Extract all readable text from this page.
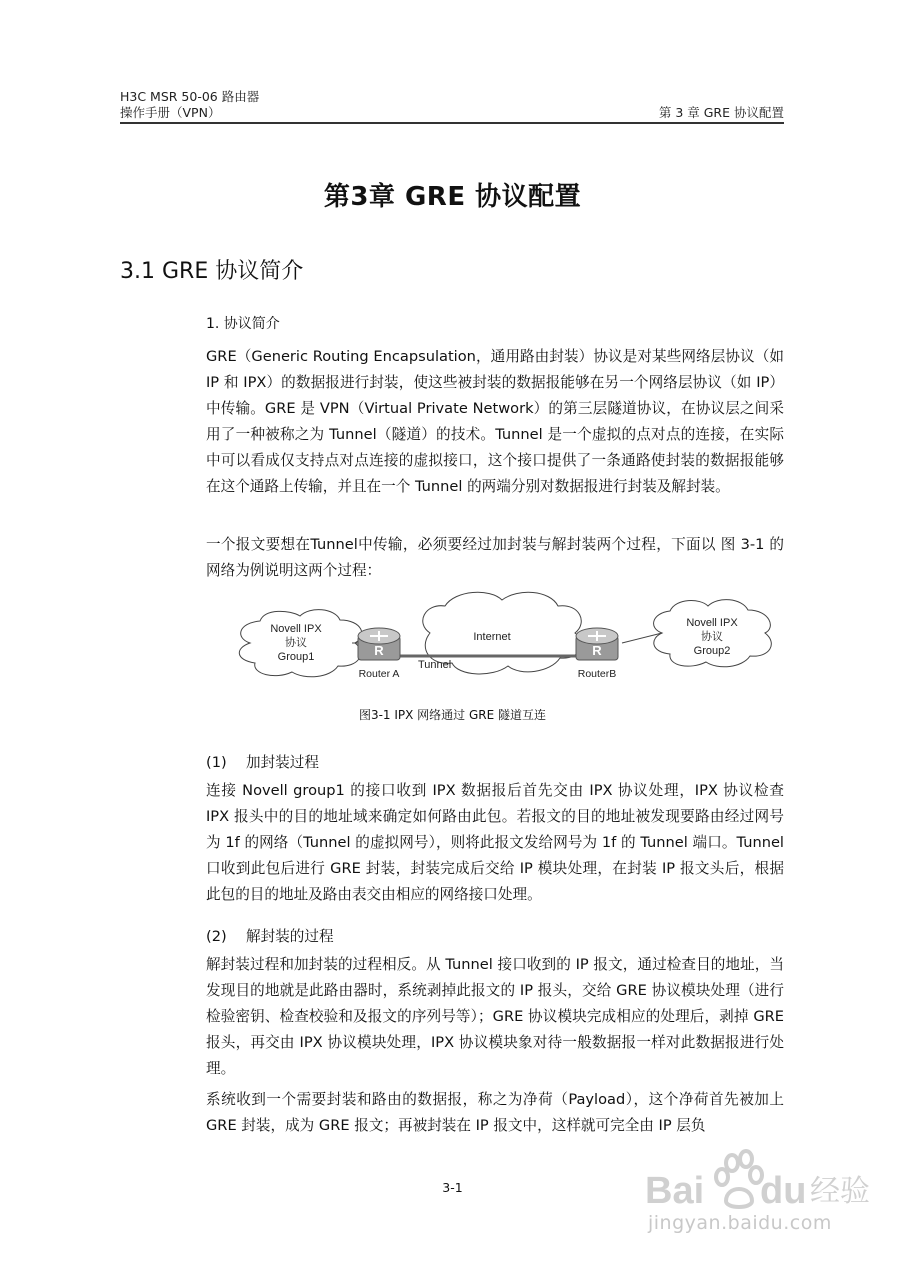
H3C MSR 50-06 路由器
操作手册（VPN）	第 3 章 GRE 协议配置
第3章 GRE 协议配置
3.1 GRE 协议简介
1. 协议简介

GRE（Generic Routing Encapsulation，通用路由封装）协议是对某些网络层协议（如 IP 和 IPX）的数据报进行封装，使这些被封装的数据报能够在另一个网络层协议（如 IP）中传输。GRE 是 VPN（Virtual Private Network）的第三层隧道协议，在协议层之间采用了一种被称之为 Tunnel（隧道）的技术。Tunnel 是一个虚拟的点对点的连接，在实际中可以看成仅支持点对点连接的虚拟接口，这个接口提供了一条通路使封装的数据报能够在这个通路上传输，并且在一个 Tunnel 的两端分别对数据报进行封装及解封装。

一个报文要想在Tunnel中传输，必须要经过加封装与解封装两个过程，下面以 图 3-1 的网络为例说明这两个过程：

Novell IPX
协议
Group1
Internet
Novell IPX
协议
Group2
Tunnel
R
Router A
R
RouterB
图3-1 IPX 网络通过 GRE 隧道互连
(1) 加封装过程

连接 Novell group1 的接口收到 IPX 数据报后首先交由 IPX 协议处理，IPX 协议检查 IPX 报头中的目的地址域来确定如何路由此包。若报文的目的地址被发现要路由经过网号为 1f 的网络（Tunnel 的虚拟网号），则将此报文发给网号为 1f 的 Tunnel 端口。Tunnel 口收到此包后进行 GRE 封装，封装完成后交给 IP 模块处理，在封装 IP 报文头后，根据此包的目的地址及路由表交由相应的网络接口处理。

(2) 解封装的过程

解封装过程和加封装的过程相反。从 Tunnel 接口收到的 IP 报文，通过检查目的地址，当发现目的地就是此路由器时，系统剥掉此报文的 IP 报头，交给 GRE 协议模块处理（进行检验密钥、检查校验和及报文的序列号等）；GRE 协议模块完成相应的处理后，剥掉 GRE 报头，再交由 IPX 协议模块处理，IPX 协议模块象对待一般数据报一样对此数据报进行处理。

系统收到一个需要封装和路由的数据报，称之为净荷（Payload），这个净荷首先被加上 GRE 封装，成为 GRE 报文；再被封装在 IP 报文中，这样就可完全由 IP 层负

3-1	Bai du 经验
jingyan.baidu.com
